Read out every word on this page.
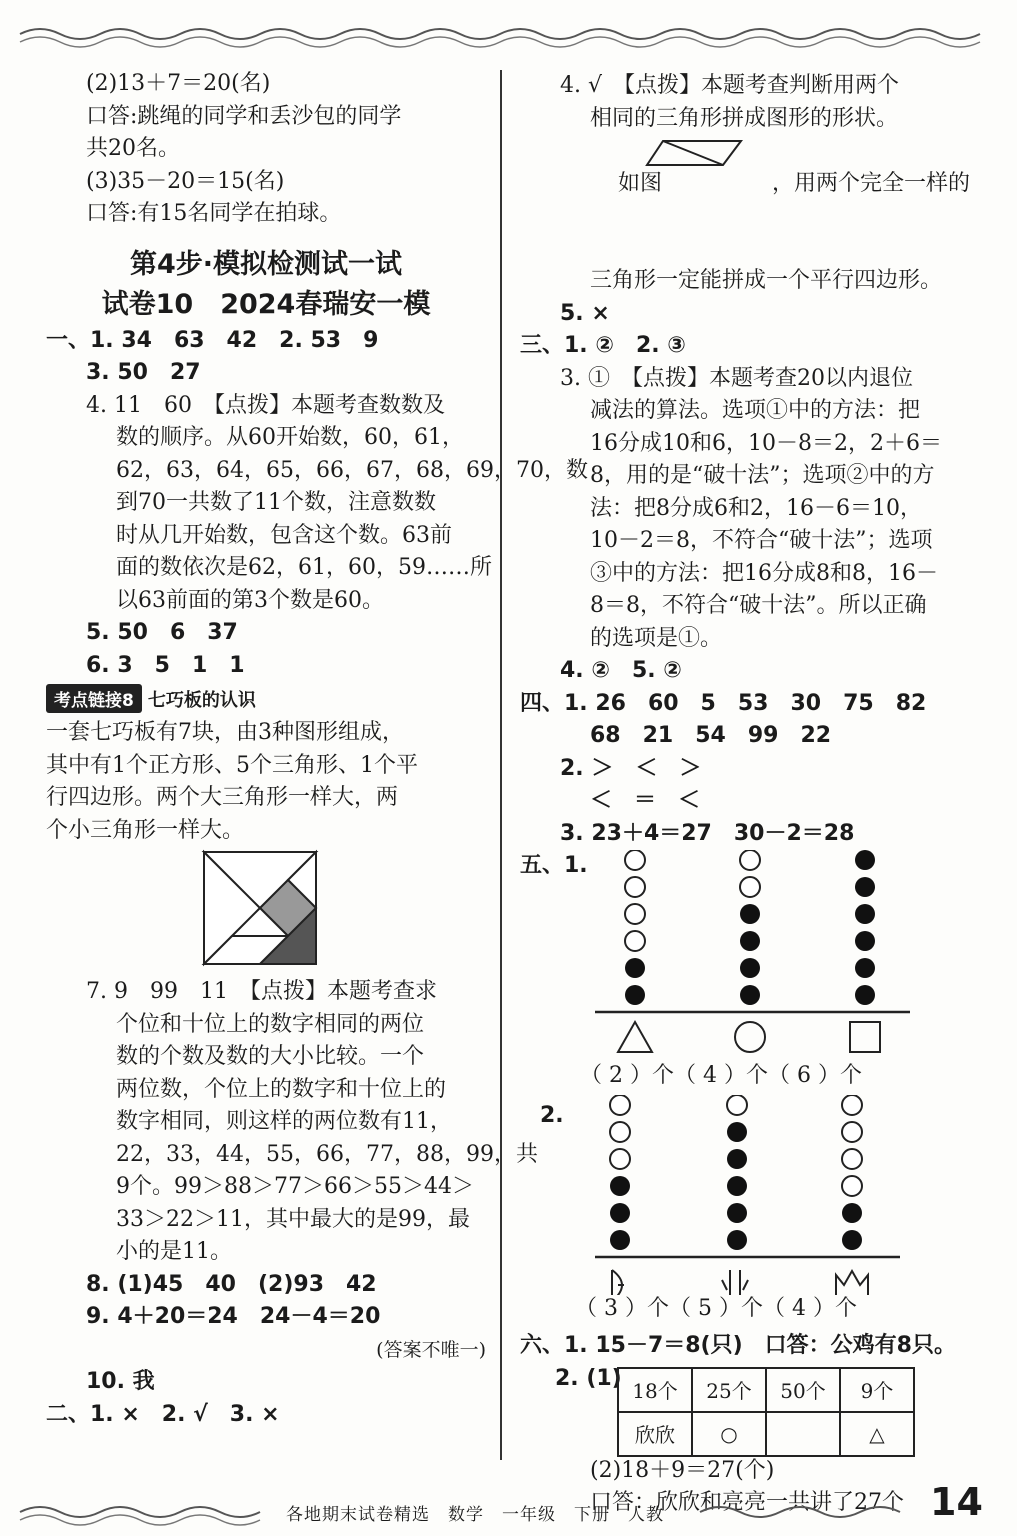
(2)13＋7＝20(名)
口答:跳绳的同学和丢沙包的同学
共20名。
(3)35－20＝15(名)
口答:有15名同学在拍球。
第4步·模拟检测试一试
试卷10　2024春瑞安一模
一、1. 34　63　42　2. 53　9
3. 50　27
4. 11　60　【点拨】本题考查数数及
数的顺序。从60开始数，60，61，
62，63，64，65，66，67，68，69，70，数
到70一共数了11个数，注意数数
时从几开始数，包含这个数。63前
面的数依次是62，61，60，59……所
以63前面的第3个数是60。
5. 50　6　37
6. 3　5　1　1
考点链接8 七巧板的认识
一套七巧板有7块，由3种图形组成，
其中有1个正方形、5个三角形、1个平
行四边形。两个大三角形一样大，两
个小三角形一样大。
7. 9　99　11　【点拨】本题考查求
个位和十位上的数字相同的两位
数的个数及数的大小比较。一个
两位数，个位上的数字和十位上的
数字相同，则这样的两位数有11，
22，33，44，55，66，77，88，99，共
9个。99＞88＞77＞66＞55＞44＞
33＞22＞11，其中最大的是99，最
小的是11。
8. (1)45　40　(2)93　42
9. 4＋20＝24　24－4＝20
(答案不唯一)
10. 我
二、1. ×　2. √　3. ×
4. √　【点拨】本题考查判断用两个
相同的三角形拼成图形的形状。

如图　　　　　，用两个完全一样的

三角形一定能拼成一个平行四边形。
5. ×
三、1. ②　2. ③
3. ①　【点拨】本题考查20以内退位
减法的算法。选项①中的方法：把
16分成10和6，10－8＝2，2＋6＝
8，用的是“破十法”；选项②中的方
法：把8分成6和2，16－6＝10，
10－2＝8，不符合“破十法”；选项
③中的方法：把16分成8和8，16－
8＝8，不符合“破十法”。所以正确
的选项是①。
4. ②　5. ②
四、1. 26　60　5　53　30　75　82
68　21　54　99　22
2. ＞　＜　＞
＜　＝　＜
3. 23＋4＝27　30－2＝28
五、1.
（ 2 ）个（ 4 ）个（ 6 ）个
2.
（ 3 ）个（ 5 ）个（ 4 ）个
六、1. 15－7＝8(只)　口答：公鸡有8只。
2. (1)
18个	25个	50个	9个
欣欣	○		△
(2)18＋9＝27(个)
口答：欣欣和亮亮一共讲了27个
各地期末试卷精选　数学　一年级　下册　人教	14
